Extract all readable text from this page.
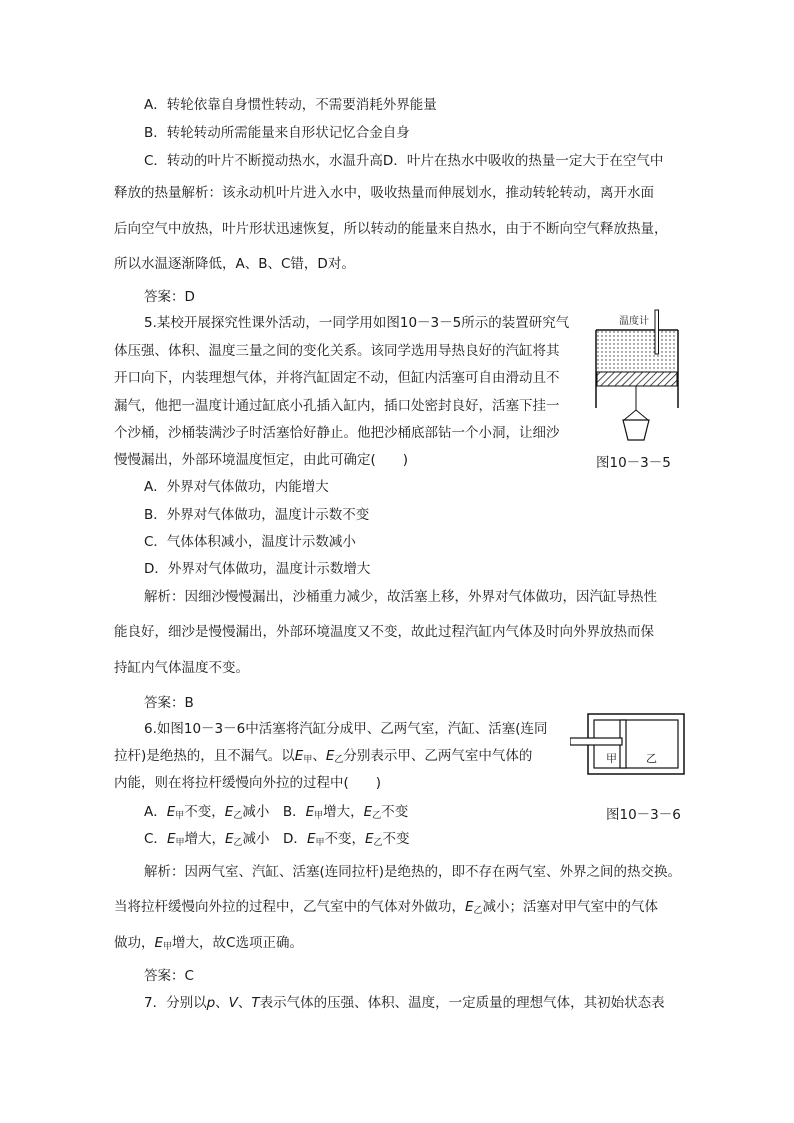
A．转轮依靠自身惯性转动，不需要消耗外界能量
B．转轮转动所需能量来自形状记忆合金自身
C．转动的叶片不断搅动热水，水温升高D．叶片在热水中吸收的热量一定大于在空气中
释放的热量解析：该永动机叶片进入水中，吸收热量而伸展划水，推动转轮转动，离开水面
后向空气中放热，叶片形状迅速恢复，所以转动的能量来自热水，由于不断向空气释放热量，
所以水温逐渐降低，A、B、C错，D对。
答案：D
5.某校开展探究性课外活动，一同学用如图10－3－5所示的装置研究气
体压强、体积、温度三量之间的变化关系。该同学选用导热良好的汽缸将其
开口向下，内装理想气体，并将汽缸固定不动，但缸内活塞可自由滑动且不
漏气，他把一温度计通过缸底小孔插入缸内，插口处密封良好，活塞下挂一
个沙桶，沙桶装满沙子时活塞恰好静止。他把沙桶底部钻一个小洞，让细沙
慢慢漏出，外部环境温度恒定，由此可确定(　　)
温度计
图10－3－5
A．外界对气体做功，内能增大
B．外界对气体做功，温度计示数不变
C．气体体积减小，温度计示数减小
D．外界对气体做功，温度计示数增大
解析：因细沙慢慢漏出，沙桶重力减少，故活塞上移，外界对气体做功，因汽缸导热性
能良好，细沙是慢慢漏出，外部环境温度又不变，故此过程汽缸内气体及时向外界放热而保
持缸内气体温度不变。
答案：B
6.如图10－3－6中活塞将汽缸分成甲、乙两气室，汽缸、活塞(连同
拉杆)是绝热的，且不漏气。以$E_甲$、$E_乙$分别表示甲、乙两气室中气体的
内能，则在将拉杆缓慢向外拉的过程中(　　)
甲	乙
A．$E_甲$不变，$E_乙$减小　B．$E_甲$增大，$E_乙$不变	图10－3－6
C．$E_甲$增大，$E_乙$减小　D．$E_甲$不变，$E_乙$不变
解析：因两气室、汽缸、活塞(连同拉杆)是绝热的，即不存在两气室、外界之间的热交换。
当将拉杆缓慢向外拉的过程中，乙气室中的气体对外做功，$E_乙$减小；活塞对甲气室中的气体
做功，$E_甲$增大，故C选项正确。
答案：C
7．分别以p、V、T表示气体的压强、体积、温度，一定质量的理想气体，其初始状态表
